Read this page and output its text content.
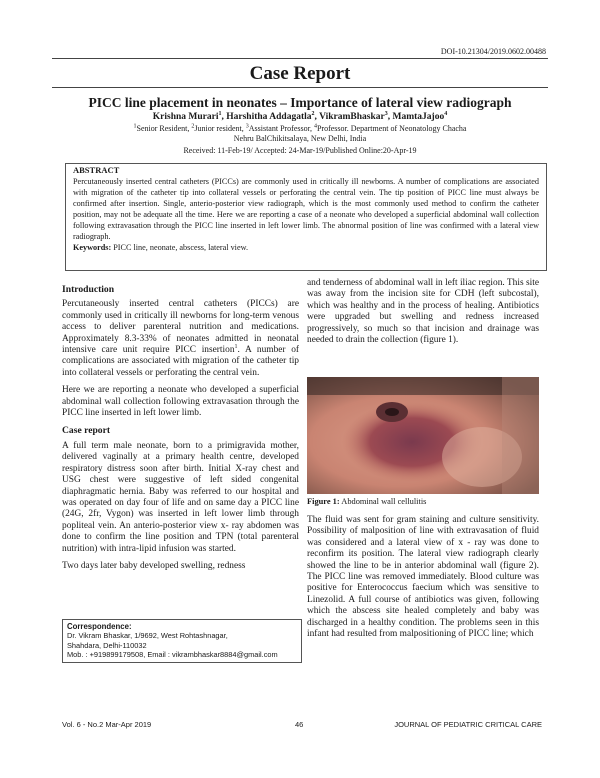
DOI-10.21304/2019.0602.00488
Case Report
PICC line placement in neonates – Importance of lateral view radiograph
Krishna Murari$^1$, Harshitha Addagatla$^2$, VikramBhaskar$^3$, MamtaJajoo$^4$
$^1$Senior Resident, $^2$Junior resident, $^3$Assistant Professor, $^4$Professor. Department of Neonatology Chacha
Nehru BalChikitsalaya, New Delhi, India
Received: 11-Feb-19/ Accepted: 24-Mar-19/Published Online:20-Apr-19
ABSTRACT
Percutaneously inserted central catheters (PICCs) are commonly used in critically ill newborns. A number of complications are associated with migration of the catheter tip into collateral vessels or perforating the central vein. The tip position of PICC line must always be confirmed after insertion. Single, anterio-posterior view radiograph, which is the most commonly used method to confirm the catheter position, may not be adequate all the time. Here we are reporting a case of a neonate who developed a superficial abdominal wall collection following extravasation through the PICC line inserted in left lower limb. The abnormal position of line was confirmed with a lateral view radiograph.
Keywords: PICC line, neonate, abscess, lateral view.
Introduction

Percutaneously inserted central catheters (PICCs) are commonly used in critically ill newborns for long-term venous access to deliver parenteral nutrition and medications. Approximately 8.3-33% of neonates admitted in neonatal intensive care unit require PICC insertion$^1$. A number of complications are associated with migration of the catheter tip into collateral vessels or perforating the central vein.

Here we are reporting a neonate who developed a superficial abdominal wall collection following extravasation through the PICC line inserted in left lower limb.

Case report

A full term male neonate, born to a primigravida mother, delivered vaginally at a primary health centre, developed respiratory distress soon after birth. Initial X-ray chest and USG chest were suggestive of left sided congenital diaphragmatic hernia. Baby was referred to our hospital and was operated on day four of life and on same day a PICC line (24G, 2fr, Vygon) was inserted in left lower limb through popliteal vein. An anterio-posterior view x- ray abdomen was done to confirm the line position and TPN (total parenteral nutrition) with intra-lipid infusion was started.

Two days later baby developed swelling, redness

and tenderness of abdominal wall in left iliac region. This site was away from the incision site for CDH (left subcostal), which was healthy and in the process of healing. Antibiotics were upgraded but swelling and redness increased progressively, so much so that incision and drainage was needed to drain the collection (figure 1).

Figure 1: Abdominal wall cellulitis

The fluid was sent for gram staining and culture sensitivity. Possibility of malposition of line with extravasation of fluid was considered and a lateral view of x - ray was done to reconfirm its position. The lateral view radiograph clearly showed the line to be in anterior abdominal wall (figure 2). The PICC line was removed immediately. Blood culture was positive for Enterococcus faecium which was sensitive to Linezolid. A full course of antibiotics was given, following which the abscess site healed completely and baby was discharged in a healthy condition. The problems seen in this infant had resulted from malpositioning of PICC line; which

Correspondence:
Dr. Vikram Bhaskar, 1/9692, West Rohtashnagar,
Shahdara, Delhi-110032
Mob. : +919899179508, Email : vikrambhaskar8884@gmail.com
Vol. 6 - No.2 Mar-Apr 2019	46	JOURNAL OF PEDIATRIC CRITICAL CARE
